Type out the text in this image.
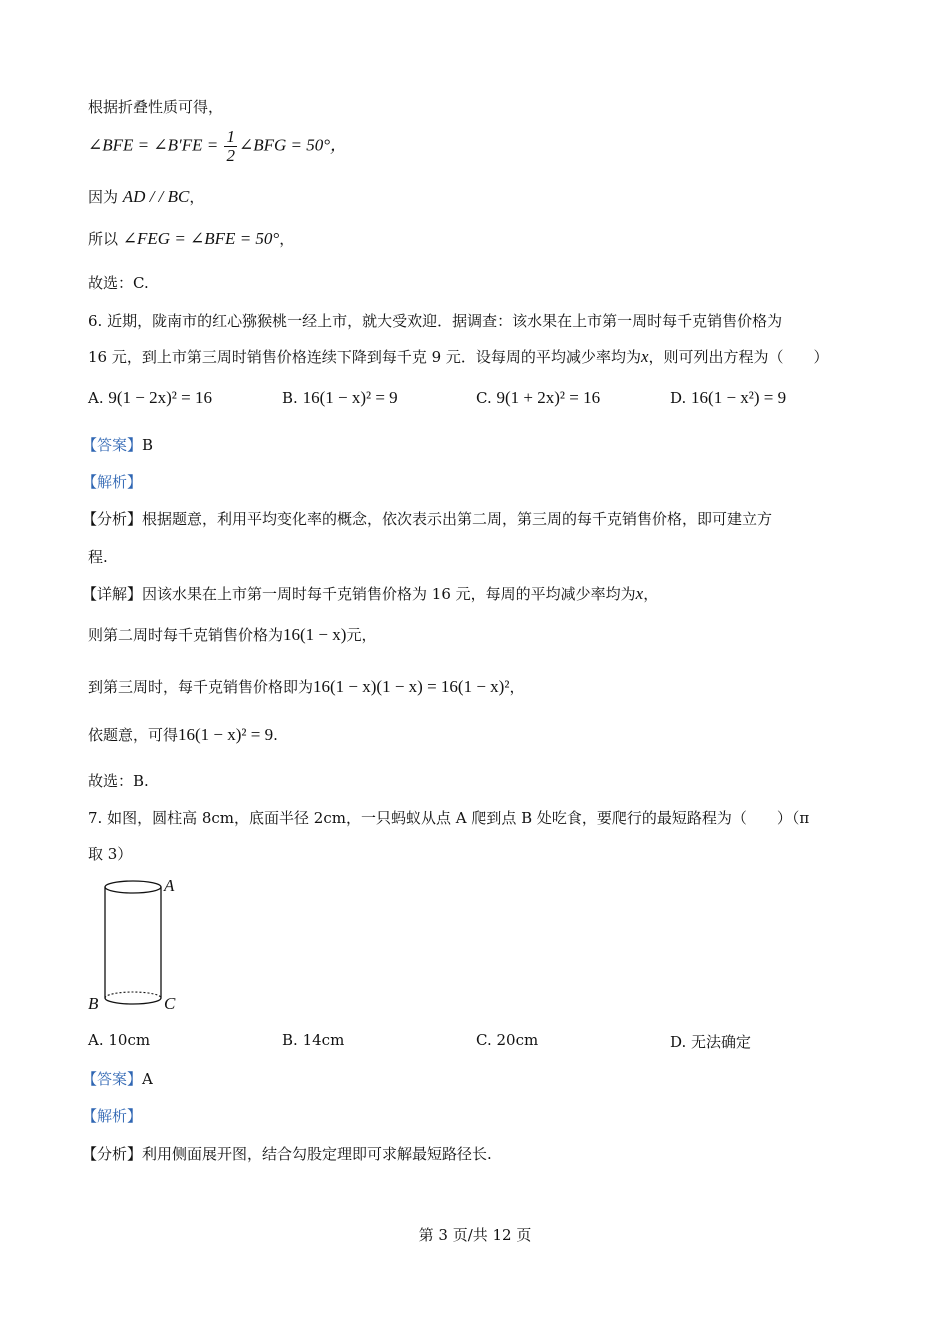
根据折叠性质可得，
∠BFE = ∠B′FE = $\frac{1}{2}$ ∠BFG = 50°，
因为 AD / / BC，
所以 ∠FEG = ∠BFE = 50°，
故选：C.
6. 近期，陇南市的红心猕猴桃一经上市，就大受欢迎．据调查：该水果在上市第一周时每千克销售价格为
16 元，到上市第三周时销售价格连续下降到每千克 9 元．设每周的平均减少率均为x，则可列出方程为（　　）
A. 9(1 − 2x)² = 16	B. 16(1 − x)² = 9	C. 9(1 + 2x)² = 16	D. 16(1 − x²) = 9
【答案】B
【解析】
【分析】根据题意，利用平均变化率的概念，依次表示出第二周，第三周的每千克销售价格，即可建立方
程.
【详解】因该水果在上市第一周时每千克销售价格为 16 元，每周的平均减少率均为x，
则第二周时每千克销售价格为16(1 − x)元，
到第三周时，每千克销售价格即为16(1 − x)(1 − x) = 16(1 − x)²，
依题意，可得16(1 − x)² = 9.
故选：B.
7. 如图，圆柱高 8cm，底面半径 2cm，一只蚂蚁从点 A 爬到点 B 处吃食，要爬行的最短路程为（　　）（π
取 3）
A
B	C
A. 10cm	B. 14cm	C. 20cm	D. 无法确定
【答案】A
【解析】
【分析】利用侧面展开图，结合勾股定理即可求解最短路径长.
第 3 页/共 12 页
